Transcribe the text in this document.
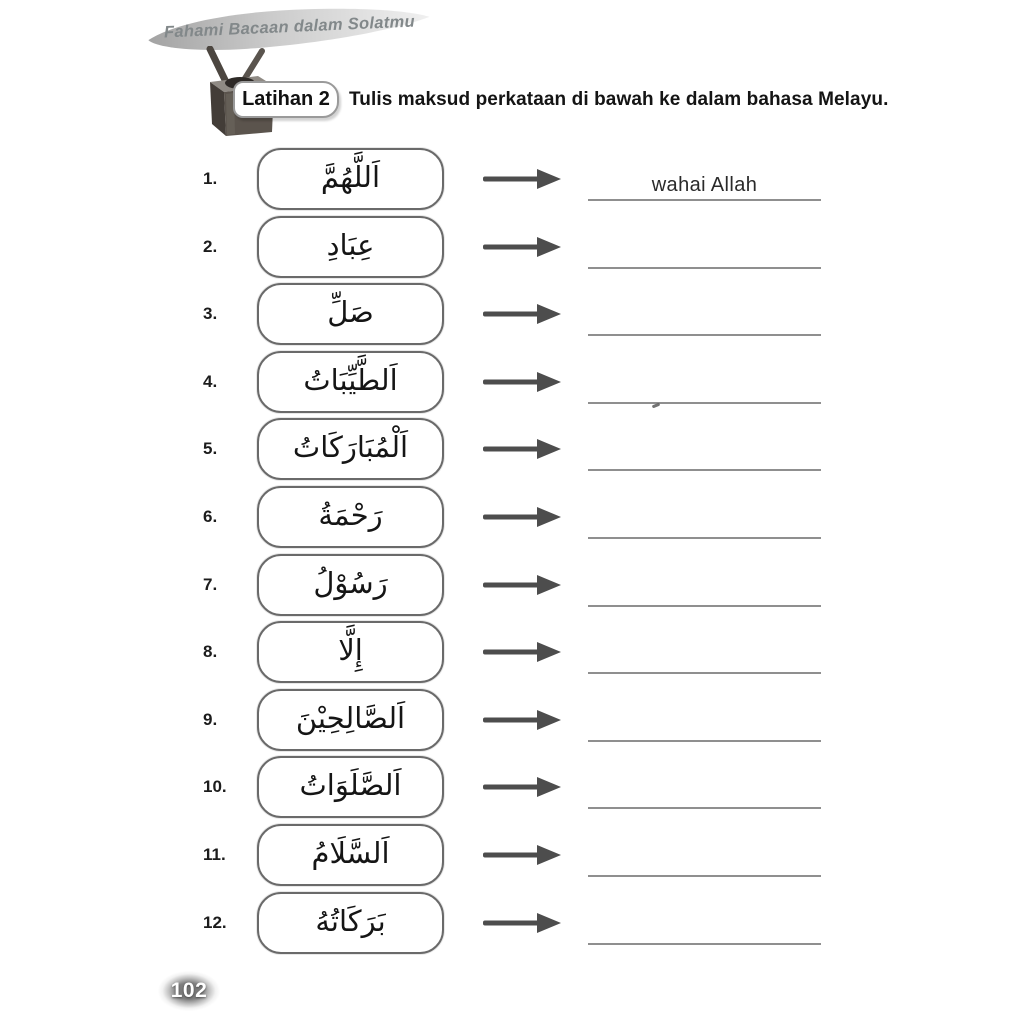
Fahami Bacaan dalam Solatmu
Latihan 2	Tulis maksud perkataan di bawah ke dalam bahasa Melayu.
1.	اَللَّهُمَّ	wahai Allah
2.	عِبَادِ
3.	صَلِّ
4.	اَلطَّيِّبَاتُ
5.	اَلْمُبَارَكَاتُ
6.	رَحْمَةُ
7.	رَسُوْلُ
8.	إِلَّا
9.	اَلصَّالِحِيْنَ
10.	اَلصَّلَوَاتُ
11.	اَلسَّلَامُ
12.	بَرَكَاتُهُ
102
